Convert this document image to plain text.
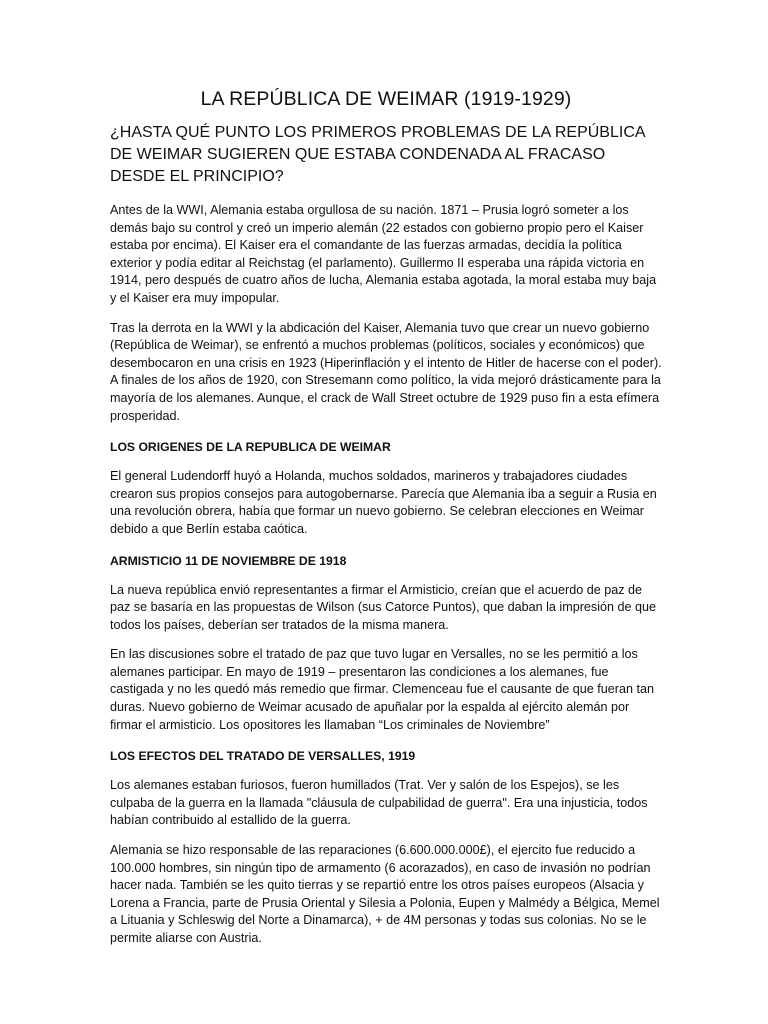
LA REPÚBLICA DE WEIMAR (1919-1929)
¿HASTA QUÉ PUNTO LOS PRIMEROS PROBLEMAS DE LA REPÚBLICA DE WEIMAR SUGIEREN QUE ESTABA CONDENADA AL FRACASO DESDE EL PRINCIPIO?

Antes de la WWI, Alemania estaba orgullosa de su nación. 1871 – Prusia logró someter a los demás bajo su control y creó un imperio alemán (22 estados con gobierno propio pero el Kaiser estaba por encima). El Kaiser era el comandante de las fuerzas armadas, decidía la política exterior y podía editar al Reichstag (el parlamento). Guillermo II esperaba una rápida victoria en 1914, pero después de cuatro años de lucha, Alemania estaba agotada, la moral estaba muy baja y el Kaiser era muy impopular.

Tras la derrota en la WWI y la abdicación del Kaiser, Alemania tuvo que crear un nuevo gobierno (República de Weimar), se enfrentó a muchos problemas (políticos, sociales y económicos) que desembocaron en una crisis en 1923 (Hiperinflación y el intento de Hitler de hacerse con el poder). A finales de los años de 1920, con Stresemann como político, la vida mejoró drásticamente para la mayoría de los alemanes. Aunque, el crack de Wall Street octubre de 1929 puso fin a esta efímera prosperidad.

LOS ORIGENES DE LA REPUBLICA DE WEIMAR

El general Ludendorff huyó a Holanda, muchos soldados, marineros y trabajadores ciudades crearon sus propios consejos para autogobernarse. Parecía que Alemania iba a seguir a Rusia en una revolución obrera, había que formar un nuevo gobierno. Se celebran elecciones en Weimar debido a que Berlín estaba caótica.

ARMISTICIO 11 DE NOVIEMBRE DE 1918

La nueva república envió representantes a firmar el Armisticio, creían que el acuerdo de paz de paz se basaría en las propuestas de Wilson (sus Catorce Puntos), que daban la impresión de que todos los países, deberían ser tratados de la misma manera.

En las discusiones sobre el tratado de paz que tuvo lugar en Versalles, no se les permitió a los alemanes participar. En mayo de 1919 – presentaron las condiciones a los alemanes, fue castigada y no les quedó más remedio que firmar. Clemenceau fue el causante de que fueran tan duras. Nuevo gobierno de Weimar acusado de apuñalar por la espalda al ejército alemán por firmar el armisticio. Los opositores les llamaban “Los criminales de Noviembre”

LOS EFECTOS DEL TRATADO DE VERSALLES, 1919

Los alemanes estaban furiosos, fueron humillados (Trat. Ver y salón de los Espejos), se les culpaba de la guerra en la llamada "cláusula de culpabilidad de guerra". Era una injusticia, todos habían contribuido al estallido de la guerra.

Alemania se hizo responsable de las reparaciones (6.600.000.000£), el ejercito fue reducido a 100.000 hombres, sin ningún tipo de armamento (6 acorazados), en caso de invasión no podrían hacer nada. También se les quito tierras y se repartió entre los otros países europeos (Alsacia y Lorena a Francia, parte de Prusia Oriental y Silesia a Polonia, Eupen y Malmédy a Bélgica, Memel a Lituania y Schleswig del Norte a Dinamarca), + de 4M personas y todas sus colonias. No se le permite aliarse con Austria.
